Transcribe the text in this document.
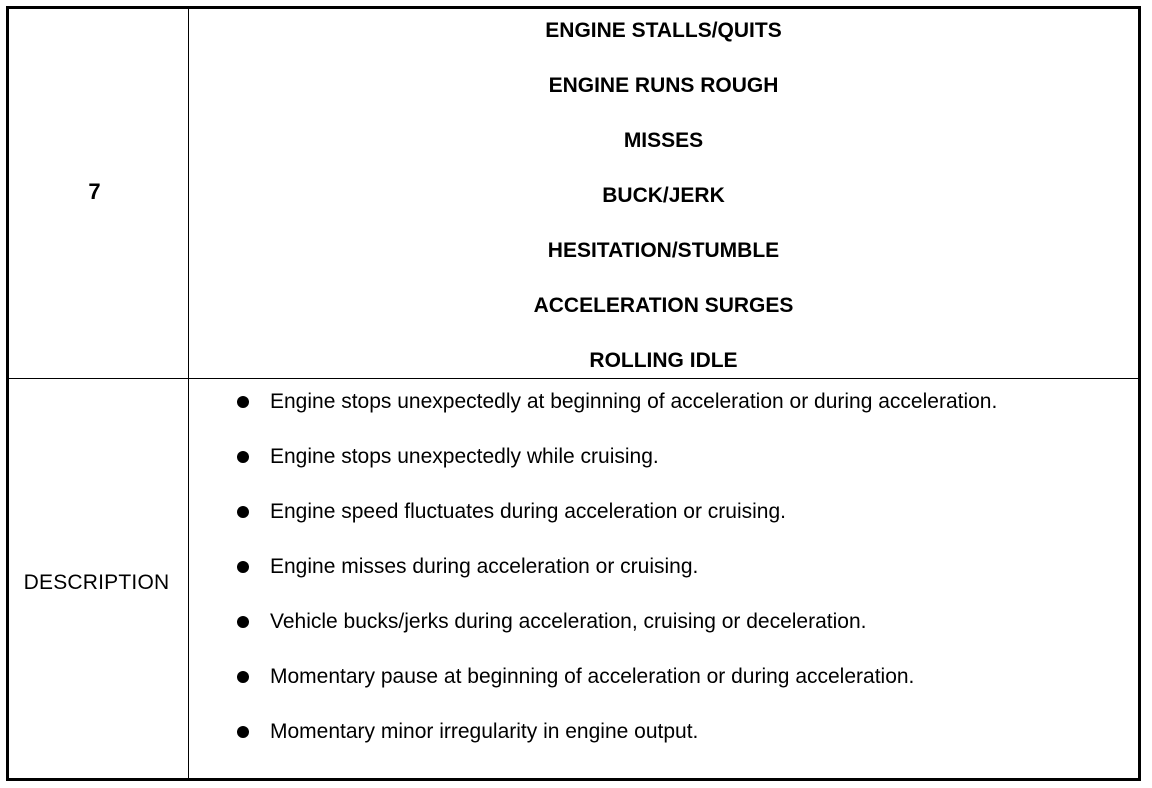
7
ENGINE STALLS/QUITS
ENGINE RUNS ROUGH
MISSES
BUCK/JERK
HESITATION/STUMBLE
ACCELERATION SURGES
ROLLING IDLE
DESCRIPTION
Engine stops unexpectedly at beginning of acceleration or during acceleration.
Engine stops unexpectedly while cruising.
Engine speed fluctuates during acceleration or cruising.
Engine misses during acceleration or cruising.
Vehicle bucks/jerks during acceleration, cruising or deceleration.
Momentary pause at beginning of acceleration or during acceleration.
Momentary minor irregularity in engine output.
